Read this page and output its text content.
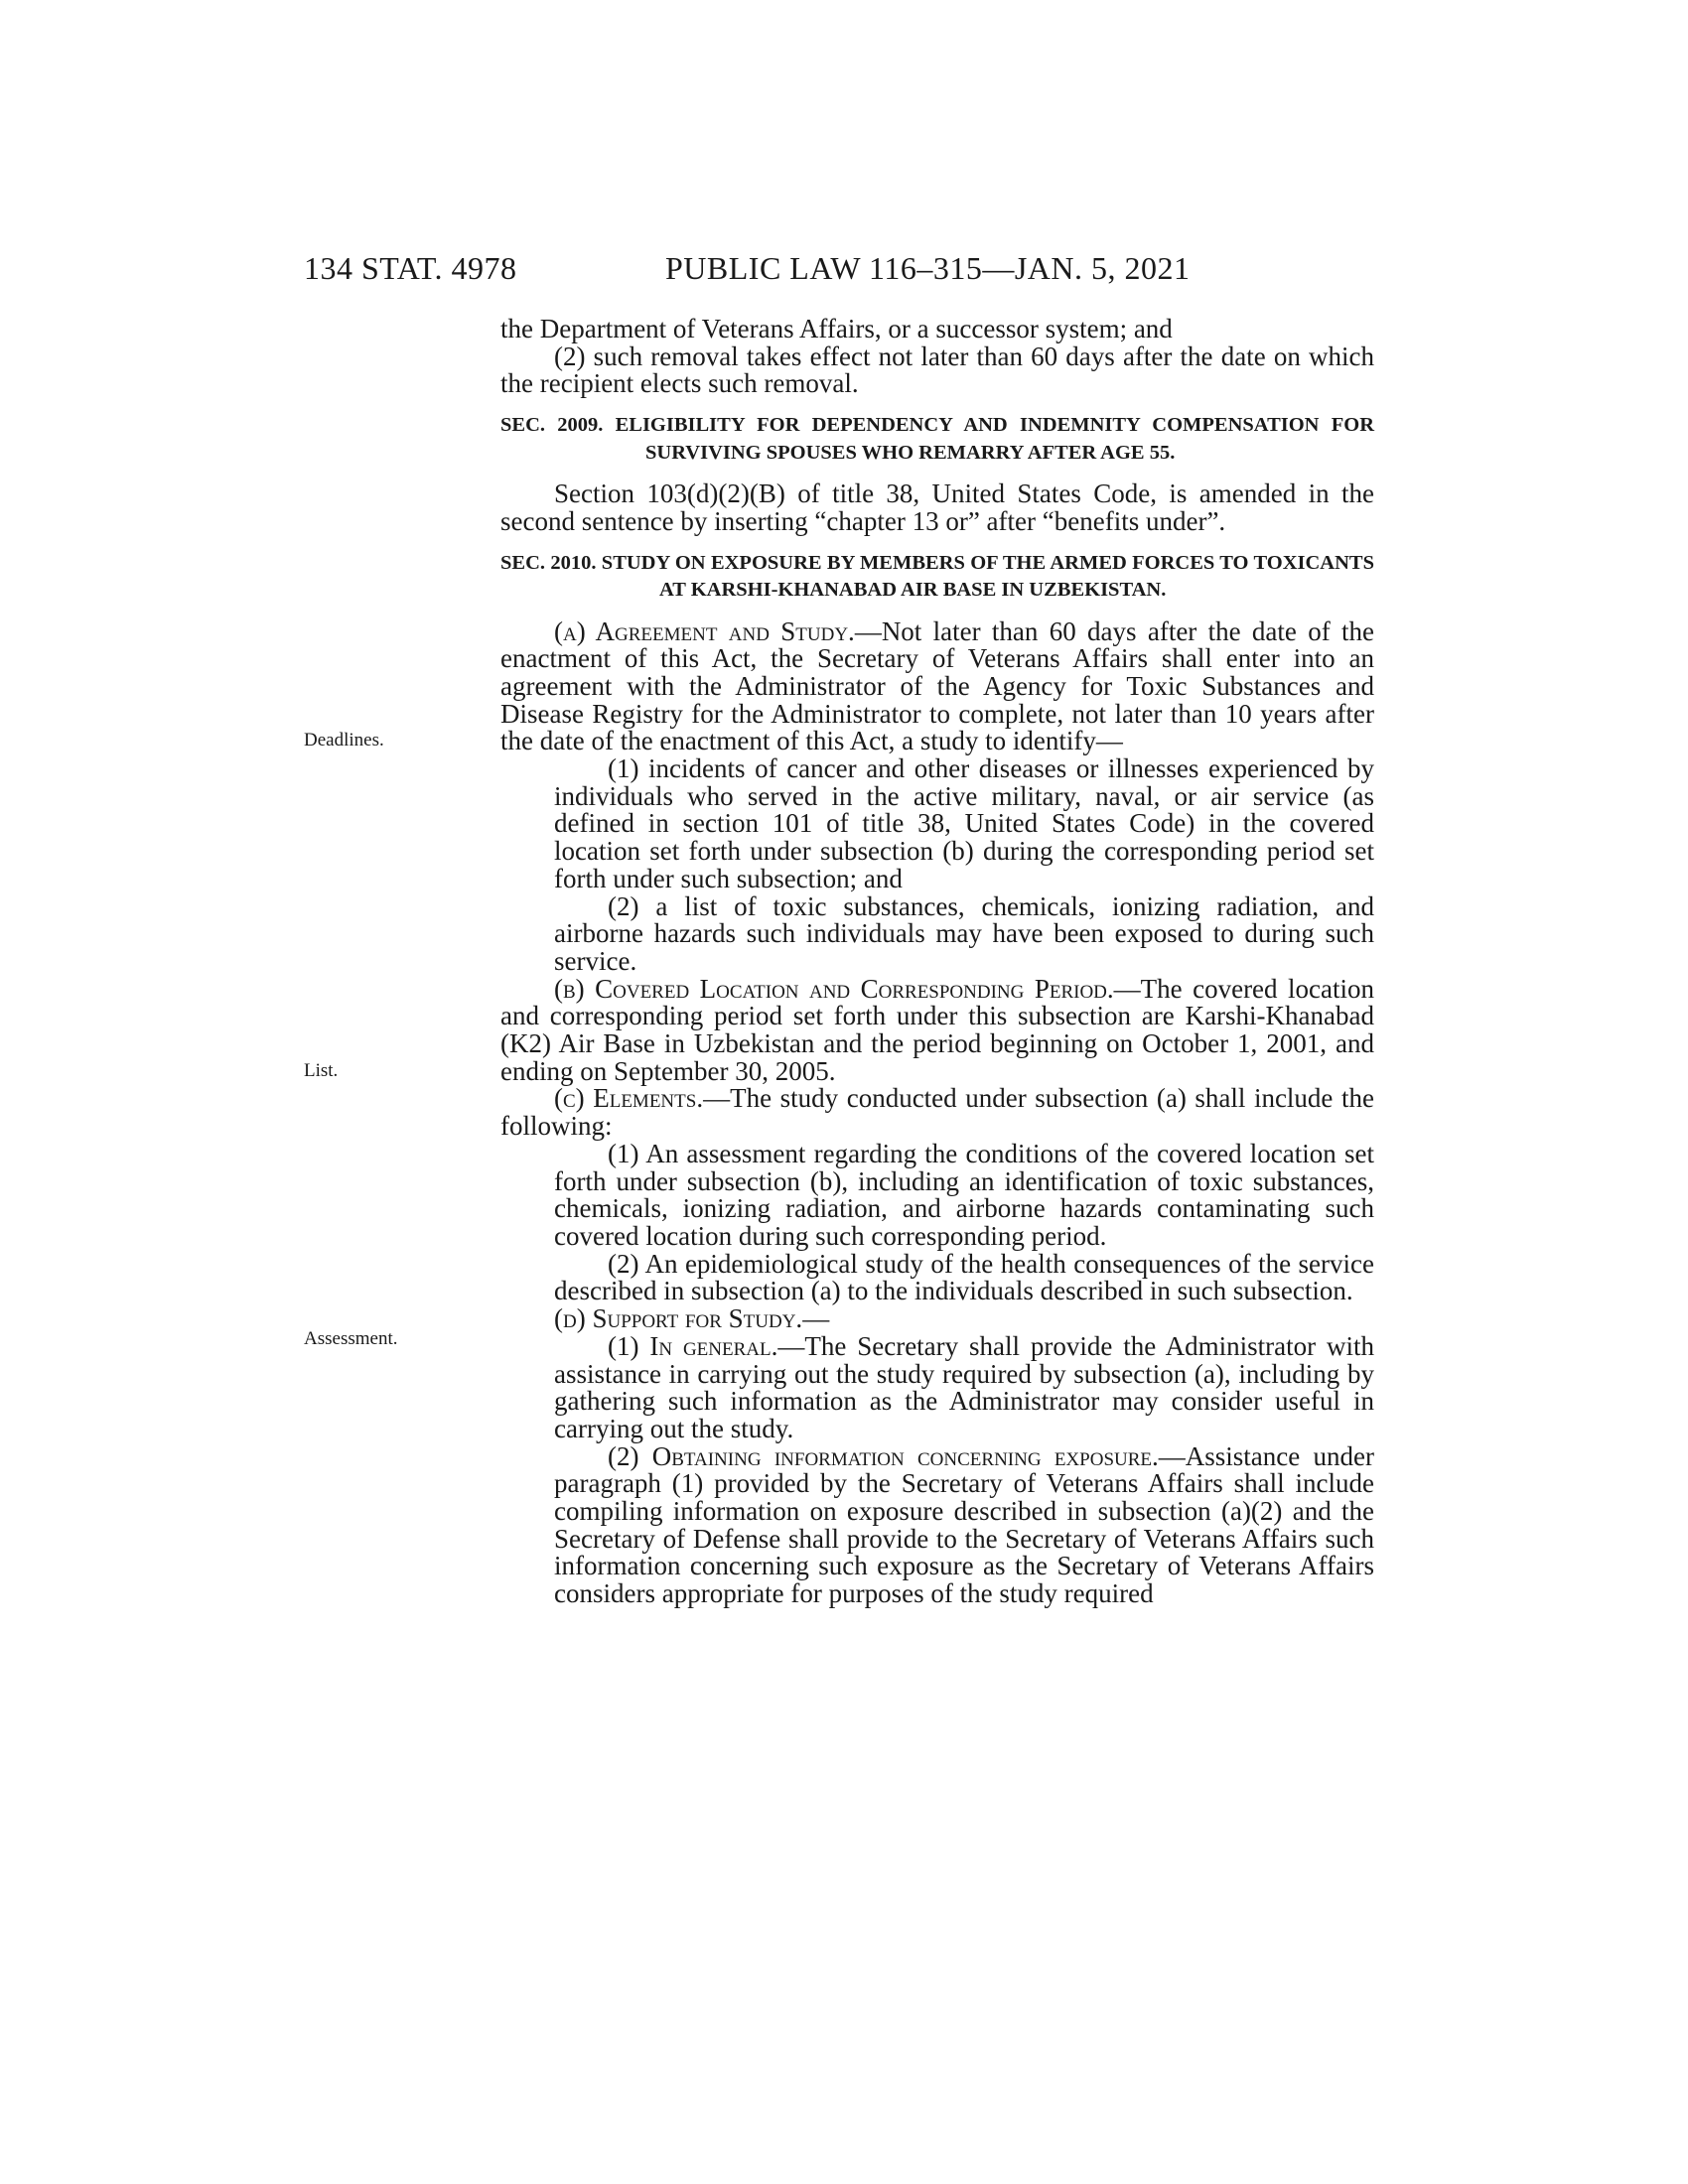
134 STAT. 4978	PUBLIC LAW 116–315—JAN. 5, 2021
Deadlines.
List.
Assessment.

the Department of Veterans Affairs, or a successor system; and

(2) such removal takes effect not later than 60 days after the date on which the recipient elects such removal.

SEC. 2009. ELIGIBILITY FOR DEPENDENCY AND INDEMNITY COMPENSATION FOR SURVIVING SPOUSES WHO REMARRY AFTER AGE 55.

Section 103(d)(2)(B) of title 38, United States Code, is amended in the second sentence by inserting “chapter 13 or” after “benefits under”.

SEC. 2010. STUDY ON EXPOSURE BY MEMBERS OF THE ARMED FORCES TO TOXICANTS AT KARSHI-KHANABAD AIR BASE IN UZBEKISTAN.

(a) Agreement and Study.—Not later than 60 days after the date of the enactment of this Act, the Secretary of Veterans Affairs shall enter into an agreement with the Administrator of the Agency for Toxic Substances and Disease Registry for the Administrator to complete, not later than 10 years after the date of the enactment of this Act, a study to identify—

(1) incidents of cancer and other diseases or illnesses experienced by individuals who served in the active military, naval, or air service (as defined in section 101 of title 38, United States Code) in the covered location set forth under subsection (b) during the corresponding period set forth under such subsection; and

(2) a list of toxic substances, chemicals, ionizing radiation, and airborne hazards such individuals may have been exposed to during such service.

(b) Covered Location and Corresponding Period.—The covered location and corresponding period set forth under this subsection are Karshi-Khanabad (K2) Air Base in Uzbekistan and the period beginning on October 1, 2001, and ending on September 30, 2005.

(c) Elements.—The study conducted under subsection (a) shall include the following:

(1) An assessment regarding the conditions of the covered location set forth under subsection (b), including an identification of toxic substances, chemicals, ionizing radiation, and airborne hazards contaminating such covered location during such corresponding period.

(2) An epidemiological study of the health consequences of the service described in subsection (a) to the individuals described in such subsection.

(d) Support for Study.—

(1) In general.—The Secretary shall provide the Administrator with assistance in carrying out the study required by subsection (a), including by gathering such information as the Administrator may consider useful in carrying out the study.

(2) Obtaining information concerning exposure.—Assistance under paragraph (1) provided by the Secretary of Veterans Affairs shall include compiling information on exposure described in subsection (a)(2) and the Secretary of Defense shall provide to the Secretary of Veterans Affairs such information concerning such exposure as the Secretary of Veterans Affairs considers appropriate for purposes of the study required
